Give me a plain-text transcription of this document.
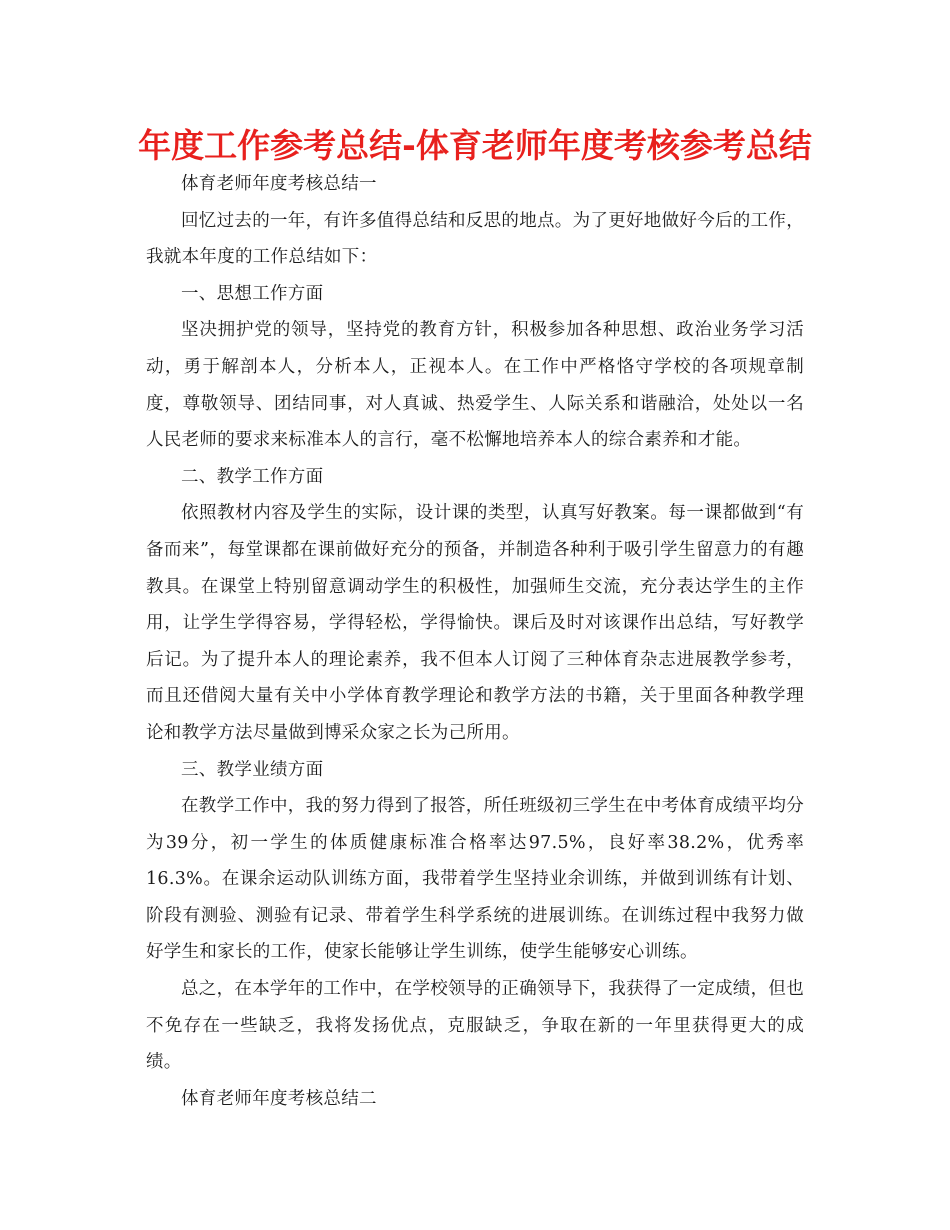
年度工作参考总结-体育老师年度考核参考总结

体育老师年度考核总结一

回忆过去的一年，有许多值得总结和反思的地点。为了更好地做好今后的工作，我就本年度的工作总结如下：

一、思想工作方面

坚决拥护党的领导，坚持党的教育方针，积极参加各种思想、政治业务学习活动，勇于解剖本人，分析本人，正视本人。在工作中严格恪守学校的各项规章制度，尊敬领导、团结同事，对人真诚、热爱学生、人际关系和谐融洽，处处以一名人民老师的要求来标准本人的言行，毫不松懈地培养本人的综合素养和才能。

二、教学工作方面

依照教材内容及学生的实际，设计课的类型，认真写好教案。每一课都做到“有备而来”，每堂课都在课前做好充分的预备，并制造各种利于吸引学生留意力的有趣教具。在课堂上特别留意调动学生的积极性，加强师生交流，充分表达学生的主作用，让学生学得容易，学得轻松，学得愉快。课后及时对该课作出总结，写好教学后记。为了提升本人的理论素养，我不但本人订阅了三种体育杂志进展教学参考，而且还借阅大量有关中小学体育教学理论和教学方法的书籍，关于里面各种教学理论和教学方法尽量做到博采众家之长为己所用。

三、教学业绩方面

在教学工作中，我的努力得到了报答，所任班级初三学生在中考体育成绩平均分为39分，初一学生的体质健康标准合格率达97.5%，良好率38.2%，优秀率16.3%。在课余运动队训练方面，我带着学生坚持业余训练，并做到训练有计划、阶段有测验、测验有记录、带着学生科学系统的进展训练。在训练过程中我努力做好学生和家长的工作，使家长能够让学生训练，使学生能够安心训练。

总之，在本学年的工作中，在学校领导的正确领导下，我获得了一定成绩，但也不免存在一些缺乏，我将发扬优点，克服缺乏，争取在新的一年里获得更大的成绩。

体育老师年度考核总结二
